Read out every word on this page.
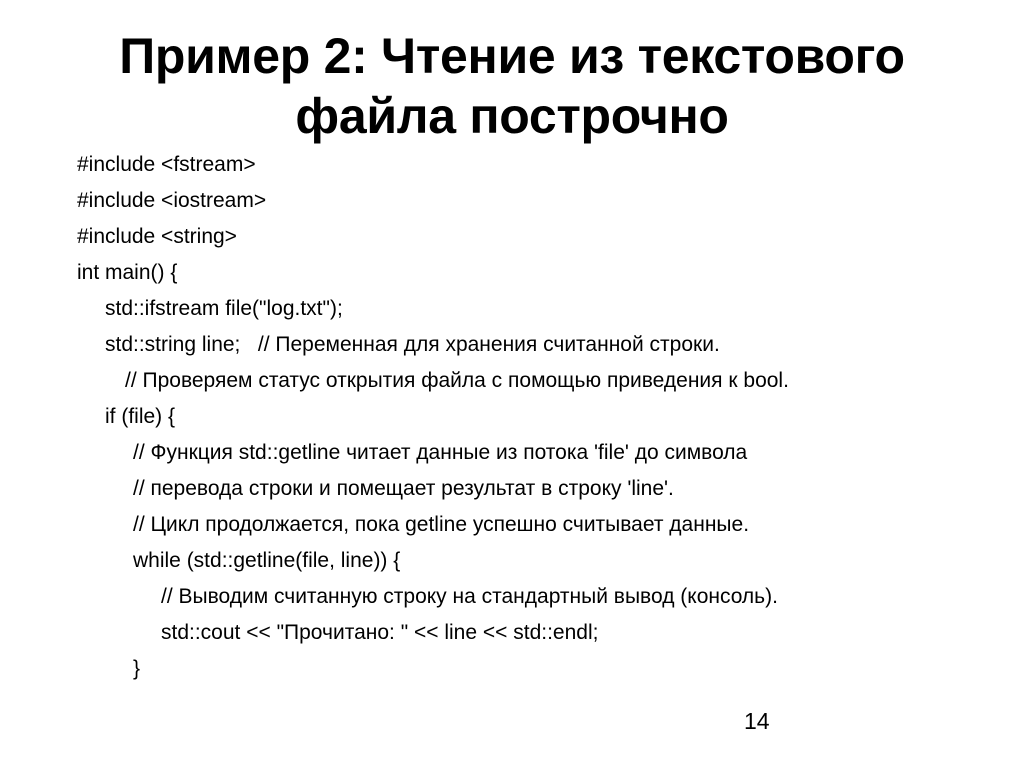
Пример 2: Чтение из текстового
файла построчно
#include <fstream>
#include <iostream>
#include <string>
int main() {
std::ifstream file("log.txt");
std::string line;   // Переменная для хранения считанной строки.
// Проверяем статус открытия файла с помощью приведения к bool.
if (file) {
// Функция std::getline читает данные из потока 'file' до символа
// перевода строки и помещает результат в строку 'line'.
// Цикл продолжается, пока getline успешно считывает данные.
while (std::getline(file, line)) {
// Выводим считанную строку на стандартный вывод (консоль).
std::cout << "Прочитано: " << line << std::endl;
}
14
